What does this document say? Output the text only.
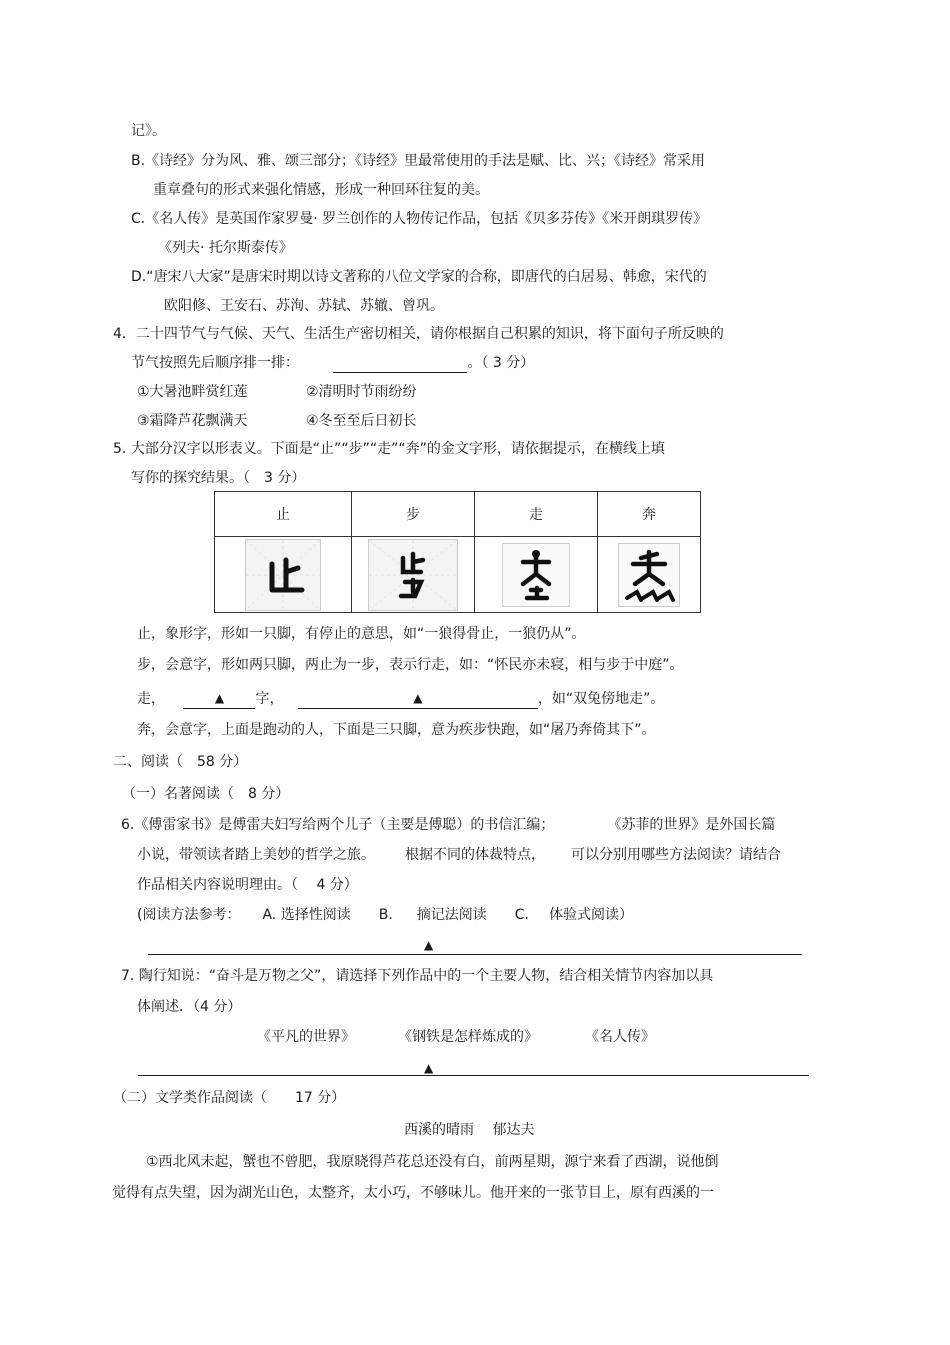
记》。
B.《诗经》分为风、雅、颂三部分；《诗经》里最常使用的手法是赋、比、兴；《诗经》常采用
重章叠句的形式来强化情感，形成一种回环往复的美。
C.《名人传》是英国作家罗曼· 罗兰创作的人物传记作品，包括《贝多芬传》《米开朗琪罗传》
《列夫· 托尔斯泰传》
D.“唐宋八大家”是唐宋时期以诗文著称的八位文学家的合称，即唐代的白居易、韩愈，宋代的
欧阳修、王安石、苏洵、苏轼、苏辙、曾巩。
4．二十四节气与气候、天气、生活生产密切相关，请你根据自己积累的知识，将下面句子所反映的
节气按照先后顺序排一排：	。（ 3 分）
①大暑池畔赏红莲	②清明时节雨纷纷
③霜降芦花飘满天	④冬至至后日初长
5. 大部分汉字以形表义。下面是“止”“步”“走”“奔”的金文字形，请依据提示，在横线上填
写你的探究结果。（　3 分）
止	步	走	奔

止，象形字，形如一只脚，有停止的意思，如“一狼得骨止，一狼仍从”。
步，会意字，形如两只脚，两止为一步，表示行走，如：“怀民亦未寝，相与步于中庭”。
走，	▲ 字，	▲	，如“双兔傍地走”。
奔，会意字，上面是跑动的人，下面是三只脚，意为疾步快跑，如“屠乃奔倚其下”。
二、阅读（　58 分）
（一）名著阅读（　8 分）
6.《傅雷家书》是傅雷夫妇写给两个儿子（主要是傅聪）的书信汇编；	《苏菲的世界》是外国长篇
小说，带领读者踏上美妙的哲学之旅。 根据不同的体裁特点， 可以分别用哪些方法阅读？请结合
作品相关内容说明理由。（　 4 分）
(阅读方法参考： A. 选择性阅读 B. 摘记法阅读 C. 体验式阅读）
▲
7. 陶行知说：“奋斗是万物之父”，请选择下列作品中的一个主要人物，结合相关情节内容加以具
体阐述．（4 分）
《平凡的世界》	《钢铁是怎样炼成的》	《名人传》
▲
（二）文学类作品阅读（　　17 分）
西溪的晴雨　 郁达夫
①西北风未起，蟹也不曾肥，我原晓得芦花总还没有白，前两星期，源宁来看了西湖，说他倒
觉得有点失望，因为湖光山色，太整齐，太小巧，不够味儿。他开来的一张节目上，原有西溪的一
